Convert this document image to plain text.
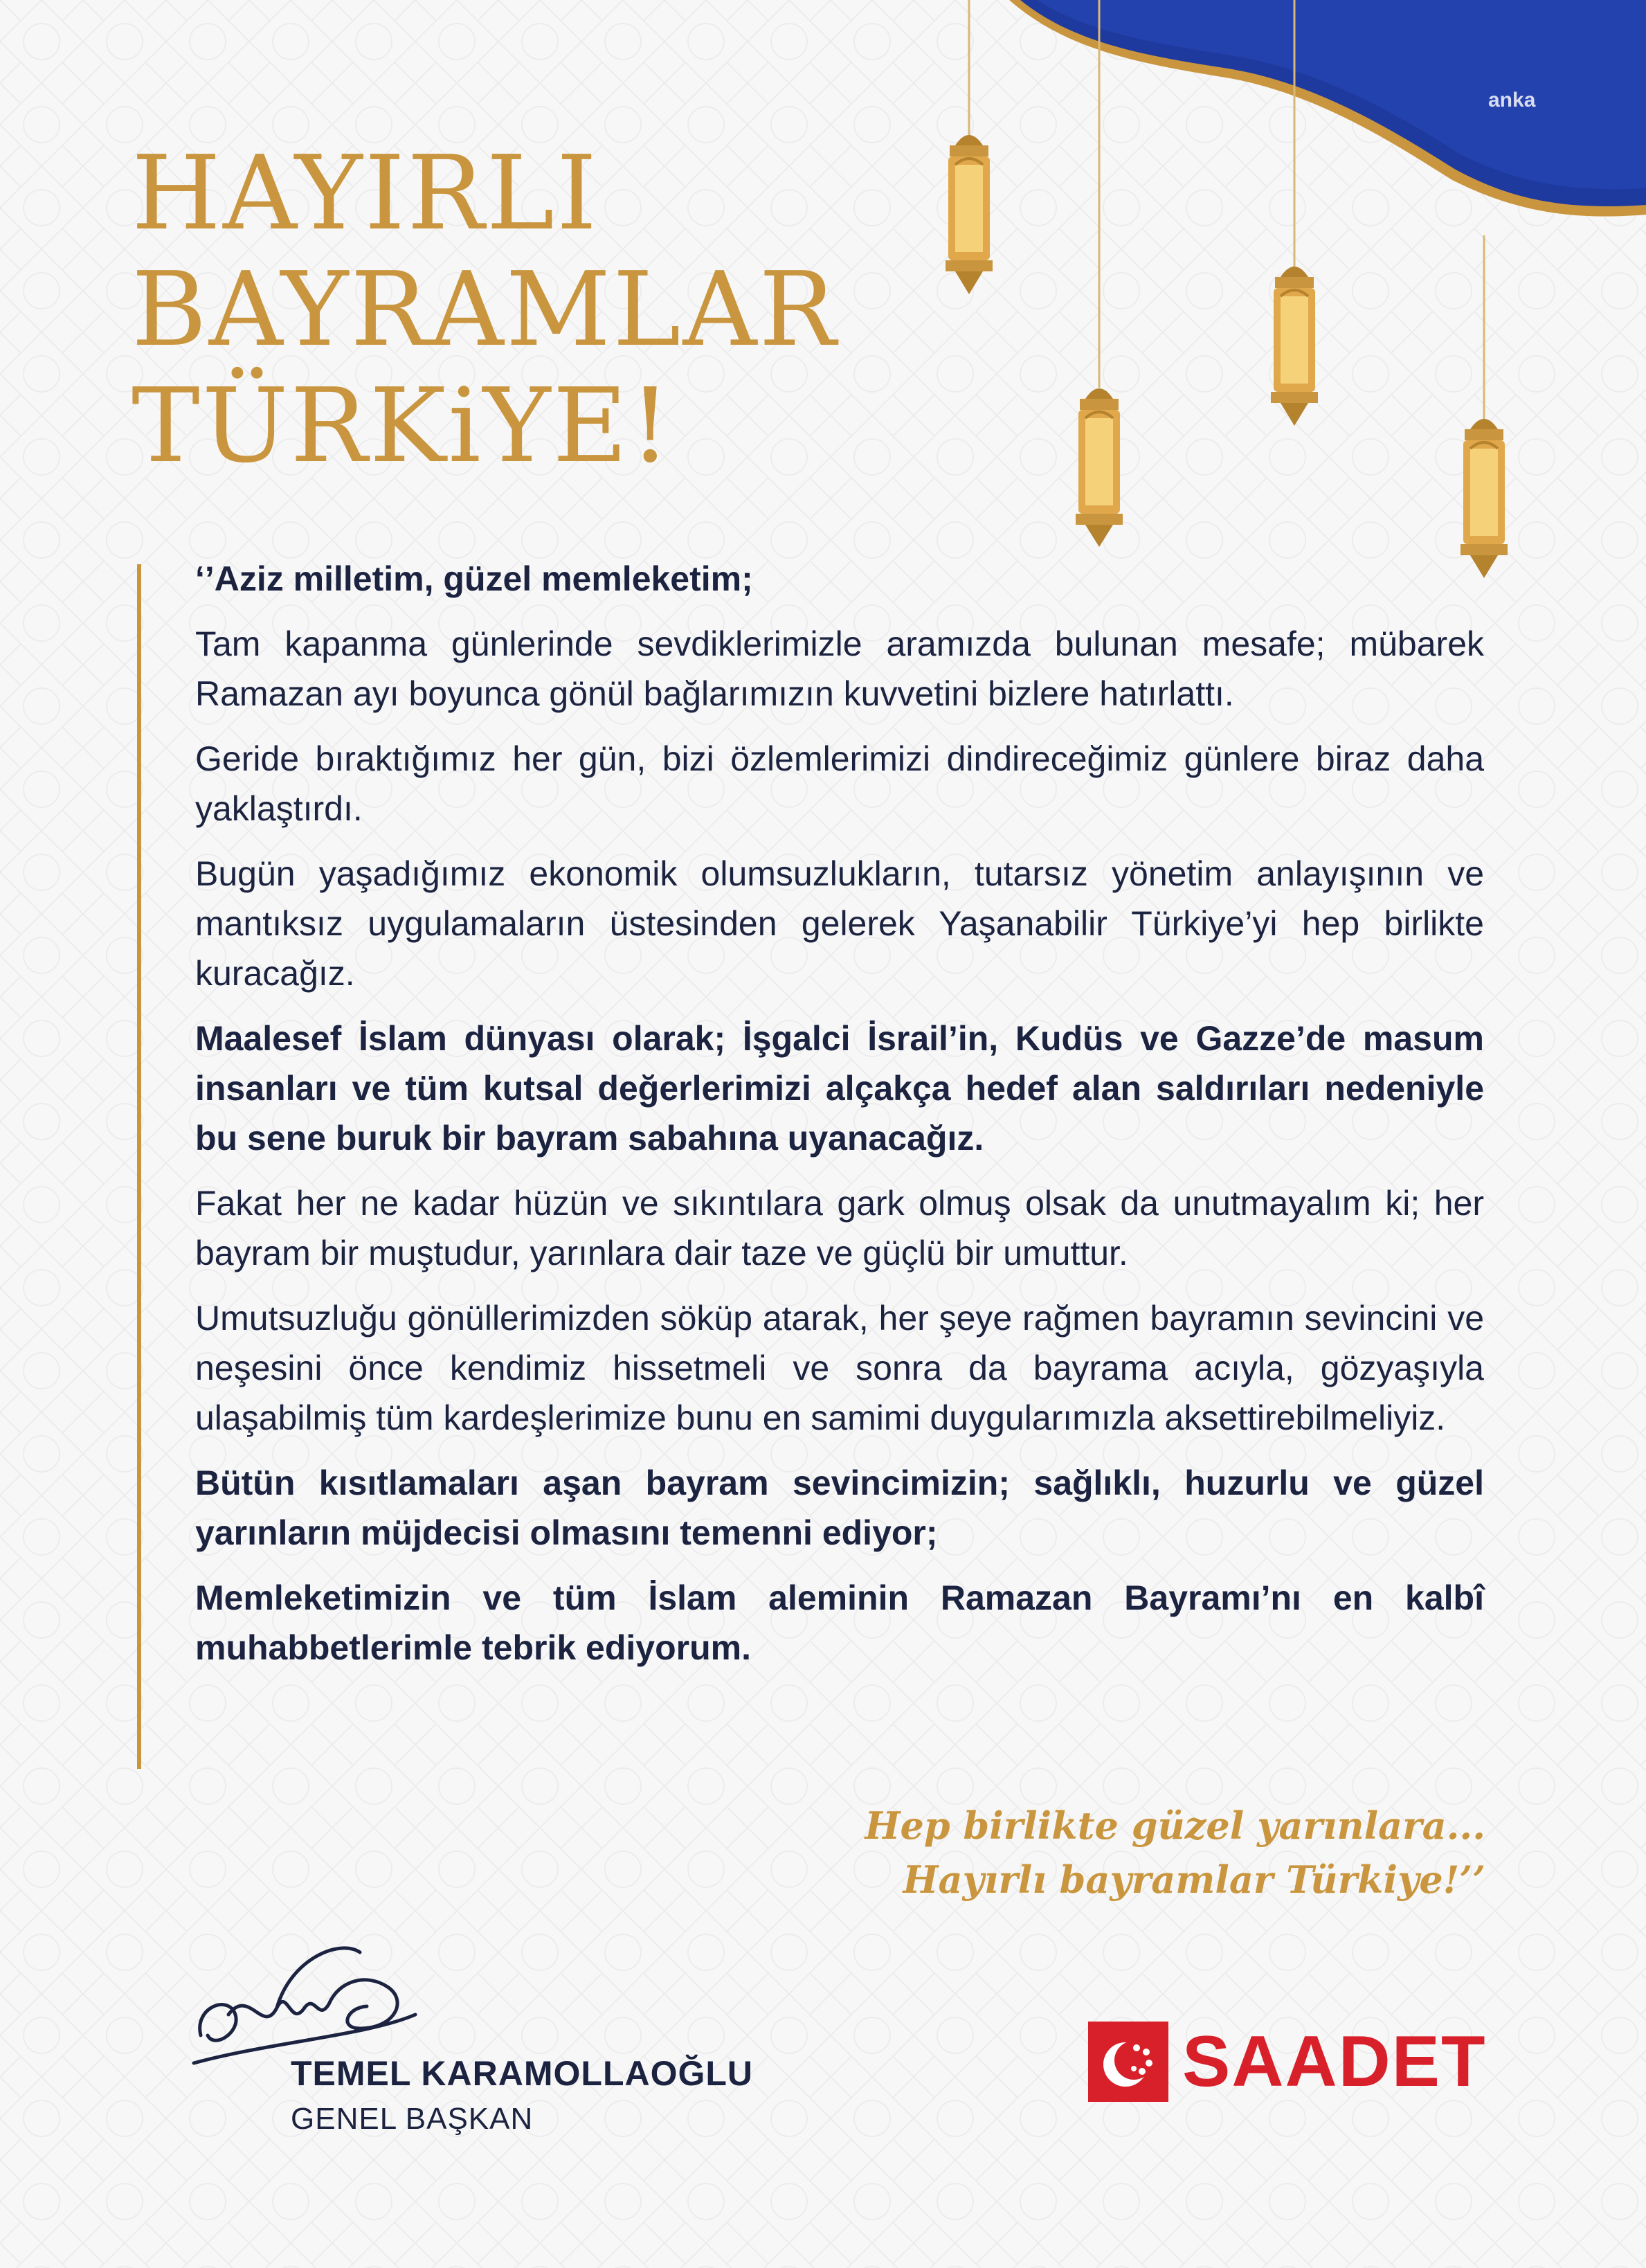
anka
HAYIRLI
BAYRAMLAR
TÜRKiYE!

‘’Aziz milletim, güzel memleketim;

Tam kapanma günlerinde sevdiklerimizle aramızda bulunan mesafe; mübarek Ramazan ayı boyunca gönül bağlarımızın kuvvetini bizlere hatırlattı.

Geride bıraktığımız her gün, bizi özlemlerimizi dindireceğimiz günlere biraz daha yaklaştırdı.

Bugün yaşadığımız ekonomik olumsuzlukların, tutarsız yönetim anlayışının ve mantıksız uygulamaların üstesinden gelerek Yaşanabilir Türkiye’yi hep birlikte kuracağız.

Maalesef İslam dünyası olarak; İşgalci İsrail’in, Kudüs ve Gazze’de masum insanları ve tüm kutsal değerlerimizi alçakça hedef alan saldırıları nedeniyle bu sene buruk bir bayram sabahına uyanacağız.

Fakat her ne kadar hüzün ve sıkıntılara gark olmuş olsak da unutmayalım ki; her bayram bir muştudur, yarınlara dair taze ve güçlü bir umuttur.

Umutsuzluğu gönüllerimizden söküp atarak, her şeye rağmen bayramın sevincini ve neşesini önce kendimiz hissetmeli ve sonra da bayrama acıyla, gözyaşıyla ulaşabilmiş tüm kardeşlerimize bunu en samimi duygularımızla aksettirebilmeliyiz.

Bütün kısıtlamaları aşan bayram sevincimizin; sağlıklı, huzurlu ve güzel yarınların müjdecisi olmasını temenni ediyor;

Memleketimizin ve tüm İslam aleminin Ramazan Bayramı’nı en kalbî muhabbetlerimle tebrik ediyorum.

Hep birlikte güzel yarınlara...
Hayırlı bayramlar Türkiye!’’
TEMEL KARAMOLLAOĞLU
GENEL BAŞKAN
SAADET
